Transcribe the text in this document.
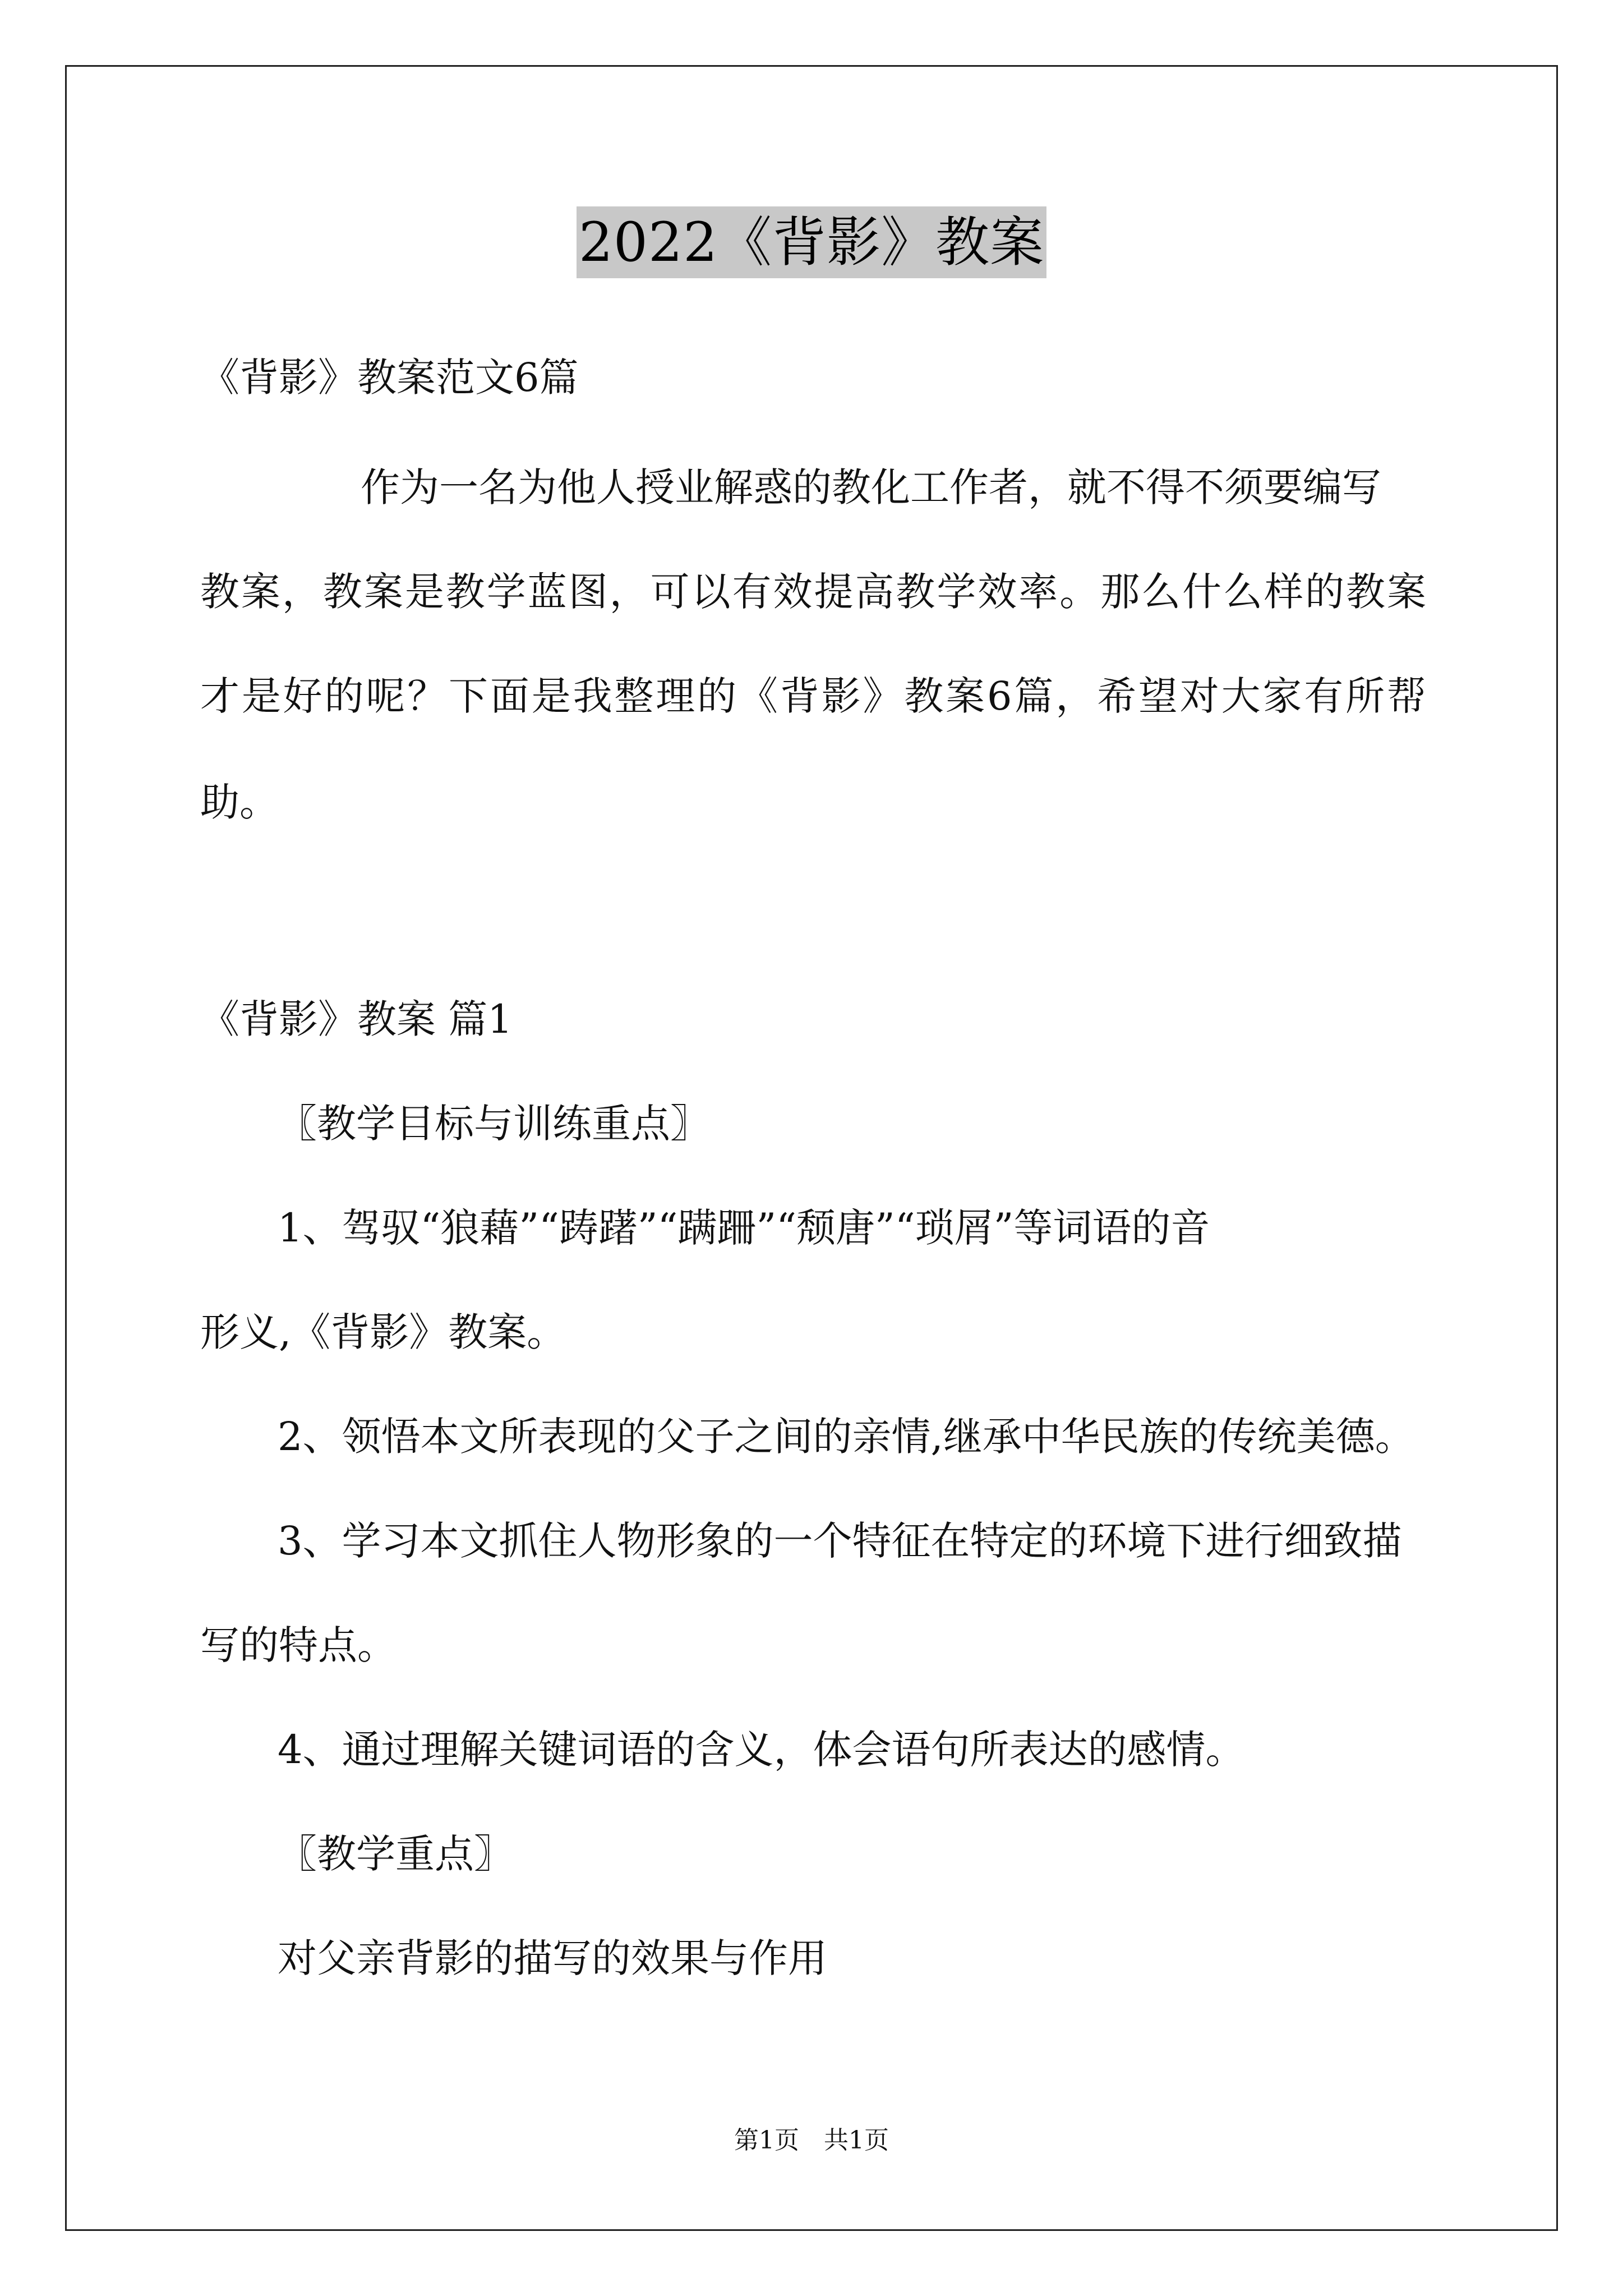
2022《背影》教案
《背影》教案范文6篇
作为一名为他人授业解惑的教化工作者，就不得不须要编写
教案，教案是教学蓝图，可以有效提高教学效率。那么什么样的教案
才是好的呢？下面是我整理的《背影》教案6篇，希望对大家有所帮
助。
《背影》教案 篇1
〖教学目标与训练重点〗
1、驾驭“狼藉”“踌躇”“蹒跚”“颓唐”“琐屑”等词语的音
形义,《背影》教案。
2、领悟本文所表现的父子之间的亲情,继承中华民族的传统美德。
3、学习本文抓住人物形象的一个特征在特定的环境下进行细致描
写的特点。
4、通过理解关键词语的含义，体会语句所表达的感情。
〖教学重点〗
对父亲背影的描写的效果与作用
第1页　共1页
